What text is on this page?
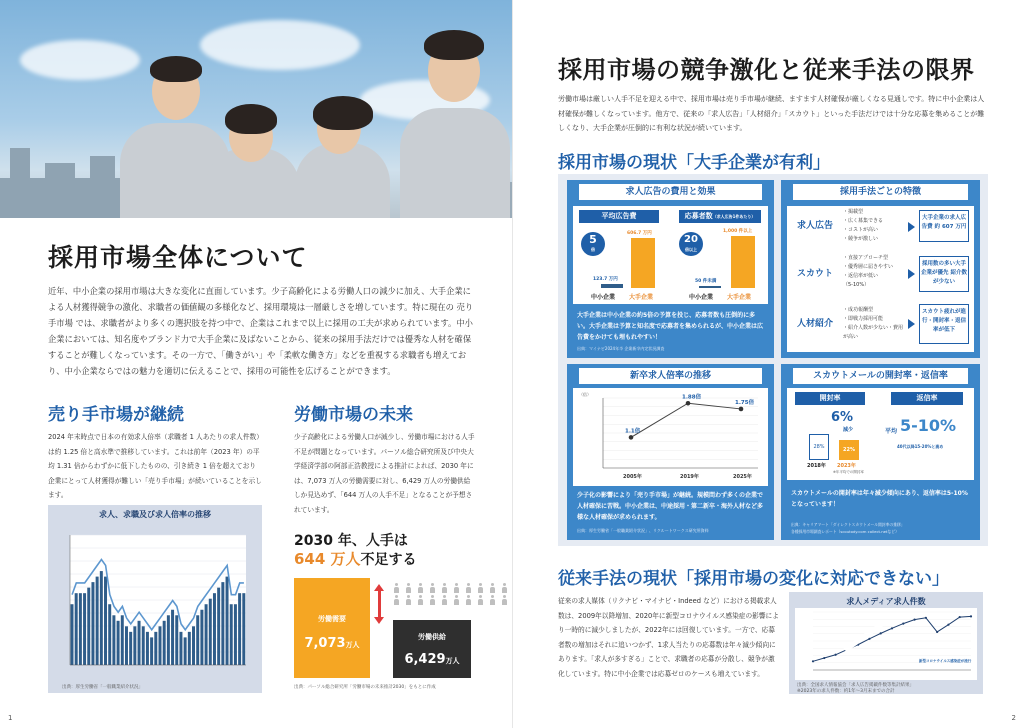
採用市場全体について
近年、中小企業の採用市場は大きな変化に直面しています。少子高齢化による労働人口の減少に加え、大手企業による人材獲得競争の激化、求職者の価値観の多様化など、採用環境は一層厳しさを増しています。特に現在の 売り手市場 では、求職者がより多くの選択肢を持つ中で、企業はこれまで以上に採用の工夫が求められています。中小企業においては、知名度やブランド力で大手企業に及ばないことから、従来の採用手法だけでは優秀な人材を確保することが難しくなっています。その一方で、「働きがい」や「柔軟な働き方」などを重視する求職者も増えており、中小企業ならではの魅力を適切に伝えることで、採用の可能性を広げることができます。
売り手市場が継続
2024 年末時点で日本の有効求人倍率（求職者 1 人あたりの求人件数）は約 1.25 倍と高水準で推移しています。これは前年（2023 年）の平均 1.31 倍からわずかに低下したものの、引き続き 1 倍を超えており企業にとって人材獲得が難しい「売り手市場」が続いていることを示します。
求人、求職及び求人倍率の推移
出典：厚生労働省「一般職業紹介状況」
労働市場の未来
少子高齢化による労働人口が減少し、労働市場における人手不足が問題となっています。パーソル総合研究所及び中央大学経済学部の阿部正浩教授による推計によれば、2030 年には、7,073 万人の労働需要に対し、6,429 万人の労働供給しか見込めず、「644 万人の人手不足」となることが予想されています。
2030 年、人手は
644 万人不足する
労働需要
7,073万人
労働供給
6,429万人
出典：パーソル総合研究所「労働市場の未来推計2030」をもとに作成
1
採用市場の競争激化と従来手法の限界
労働市場は厳しい人手不足を迎える中で、採用市場は売り手市場が継続、ますます人材確保が厳しくなる見通しです。特に中小企業は人材確保が難しくなっています。他方で、従来の「求人広告」「人材紹介」「スカウト」といった手法だけでは十分な応募を集めることが難しくなり、大手企業が圧倒的に有利な状況が続いています。
採用市場の現状「大手企業が有利」
求人広告の費用と効果
平均広告費	応募者数（求人広告1件あたり）
5
倍
123.7 万円
606.7 万円
中小企業 大手企業
20
倍以上
50 件未満
1,000 件以上
中小企業 大手企業
大手企業は中小企業の約5倍の予算を投じ、応募者数も圧倒的に多い。大手企業は予算と知名度で応募者を集められるが、中小企業は広告費をかけても埋もれやすい！
出典：マイナビ2024年卒 企業新卒内定状況調査
採用手法ごとの特徴
求人広告
・掲載型
・広く募集できる
・コストが高い
・競争が激しい
大手企業の求人広告費 約 607 万円
スカウト
・直接アプローチ型
・優秀層に届きやすい
・返信率が低い
（5-10%）
採用数の多い大手企業が優先 紹介数が少ない
人材紹介
・成功報酬型
・即戦力採用可能
・紹介人数が少ない・費用が高い
スカウト疲れが進行・開封率・返信率が低下
新卒求人倍率の推移
（倍）
1.1倍
2005年
1.88倍
2019年
1.75倍
2025年
少子化の影響により「売り手市場」が継続。規模問わず多くの企業で人材確保に苦戦。中小企業は、中途採用・第二新卒・海外人材など多様な人材確保が求められます。
出典：厚生労働省「一般職業紹介状況」、リクルートワークス研究所資料
スカウトメールの開封率・返信率
開封率	返信率
6%
減少
28%	22%
2018年 2023年
※年平均での開封率
平均 5-10%
40代以降15-20%と高め
スカウトメールの開封率は年々減少傾向にあり、返信率は5-10%となっています！
出典：キャリアマート「ダイレクトスカウトメール開封率の推移」
各種採用市場調査レポート（scoutody.com collect.netなど）
従来手法の現状「採用市場の変化に対応できない」
従来の求人媒体（リクナビ・マイナビ・Indeed など）における掲載求人数は、2009年以降増加、2020年に新型コロナウイルス感染症の影響により一時的に減少しましたが、2022年には回復しています。一方で、応募者数の増加はそれに追いつかず、1求人当たりの応募数は年々減少傾向にあります。「求人が多すぎる」ことで、求職者の応募が分散し、競争が激化しています。特に中小企業では応募ゼロのケースも増えています。
求人メディア求人件数
新型コロナウイルス感染症が流行
出典：全国求人情報協会「求人広告掲載件数等集計結果」
※2023年の求人件数：約1年～3月末までの合計
2
